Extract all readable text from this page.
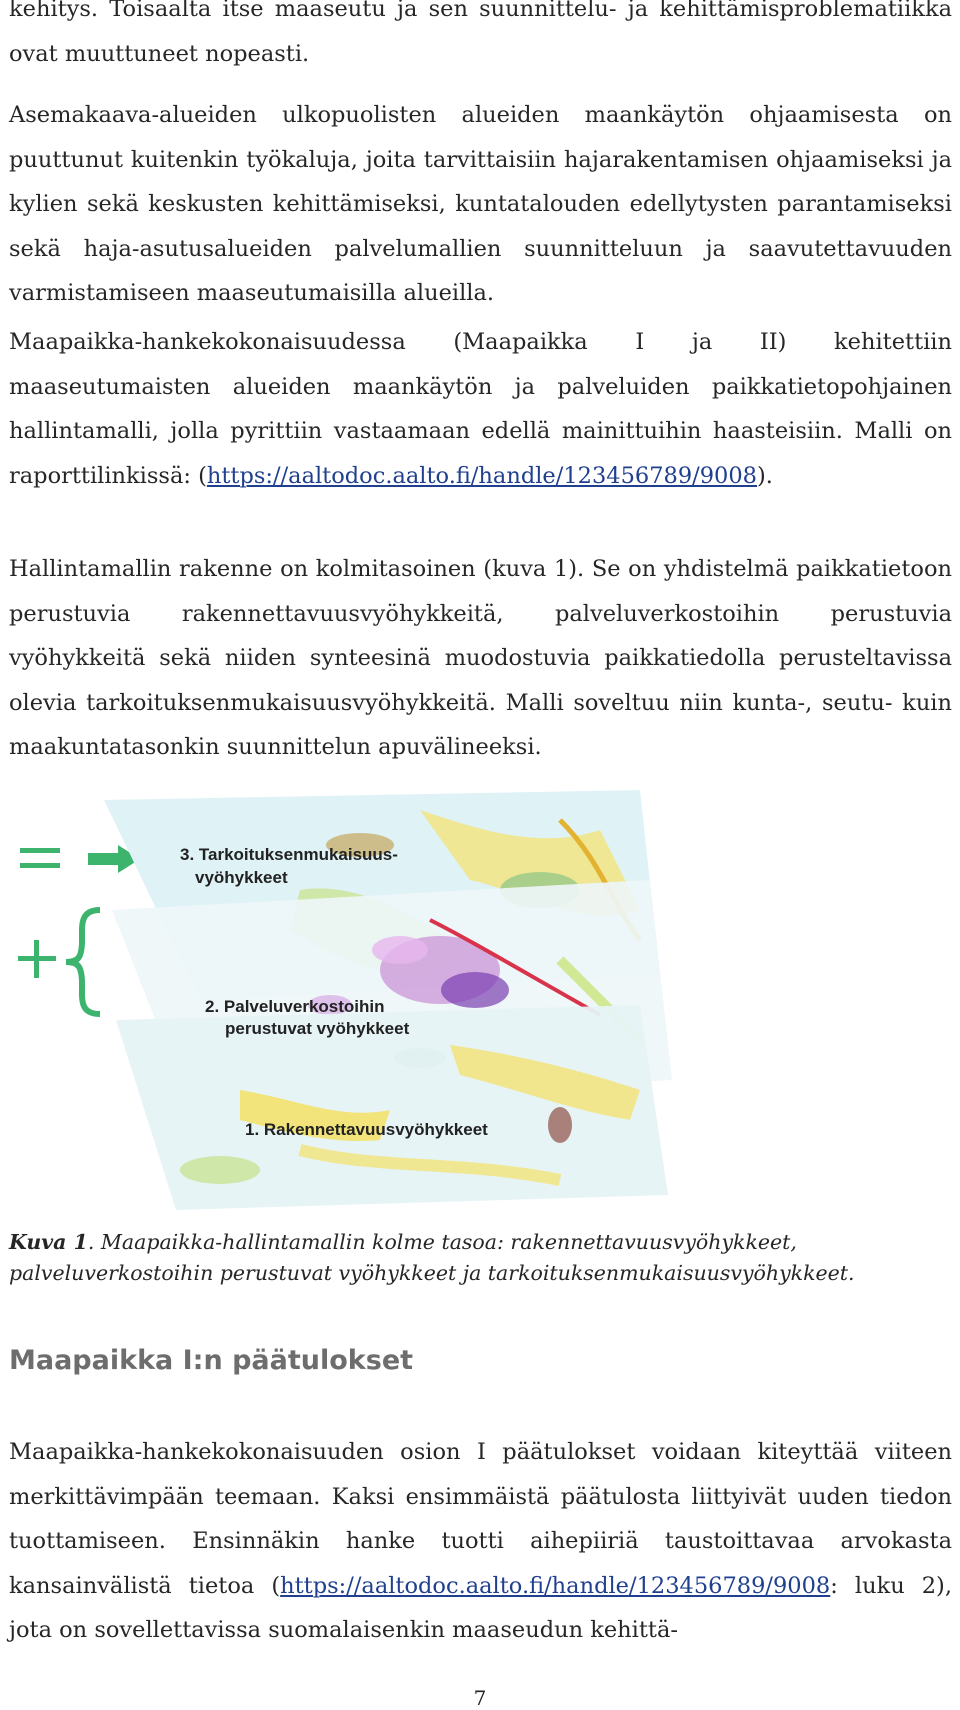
kehitys. Toisaalta itse maaseutu ja sen suunnittelu- ja kehittämisproblematiikka ovat muuttuneet nopeasti.

Asemakaava-alueiden ulkopuolisten alueiden maankäytön ohjaamisesta on puuttunut kuitenkin työkaluja, joita tarvittaisiin hajarakentamisen ohjaamiseksi ja kylien sekä keskusten kehittämiseksi, kuntatalouden edellytysten parantamiseksi sekä haja-asutusalueiden palvelumallien suunnitteluun ja saavutettavuuden varmistamiseen maaseutumaisilla alueilla.

Maapaikka-hankekokonaisuudessa (Maapaikka I ja II) kehitettiin maaseutumaisten alueiden maankäytön ja palveluiden paikkatietopohjainen hallintamalli, jolla pyrittiin vastaamaan edellä mainittuihin haasteisiin. Malli on raporttilinkissä: (https://aaltodoc.aalto.fi/handle/123456789/9008).

Hallintamallin rakenne on kolmitasoinen (kuva 1). Se on yhdistelmä paikkatietoon perustuvia rakennettavuusvyöhykkeitä, palveluverkostoihin perustuvia vyöhykkeitä sekä niiden synteesinä muodostuvia paikkatiedolla perusteltavissa olevia tarkoituksenmukaisuusvyöhykkeitä. Malli soveltuu niin kunta-, seutu- kuin maakuntatasonkin suunnittelun apuvälineeksi.

3. Tarkoituksenmukaisuus-
vyöhykkeet
2. Palveluverkostoihin
perustuvat vyöhykkeet
1. Rakennettavuusvyöhykkeet

Kuva 1. Maapaikka-hallintamallin kolme tasoa: rakennettavuusvyöhykkeet, palveluverkostoihin perustuvat vyöhykkeet ja tarkoituksenmukaisuusvyöhykkeet.

Maapaikka I:n päätulokset

Maapaikka-hankekokonaisuuden osion I päätulokset voidaan kiteyttää viiteen merkittävimpään teemaan. Kaksi ensimmäistä päätulosta liittyivät uuden tiedon tuottamiseen. Ensinnäkin hanke tuotti aihepiiriä taustoittavaa arvokasta kansainvälistä tietoa (https://aaltodoc.aalto.fi/handle/123456789/9008: luku 2), jota on sovellettavissa suomalaisenkin maaseudun kehittä-

7
